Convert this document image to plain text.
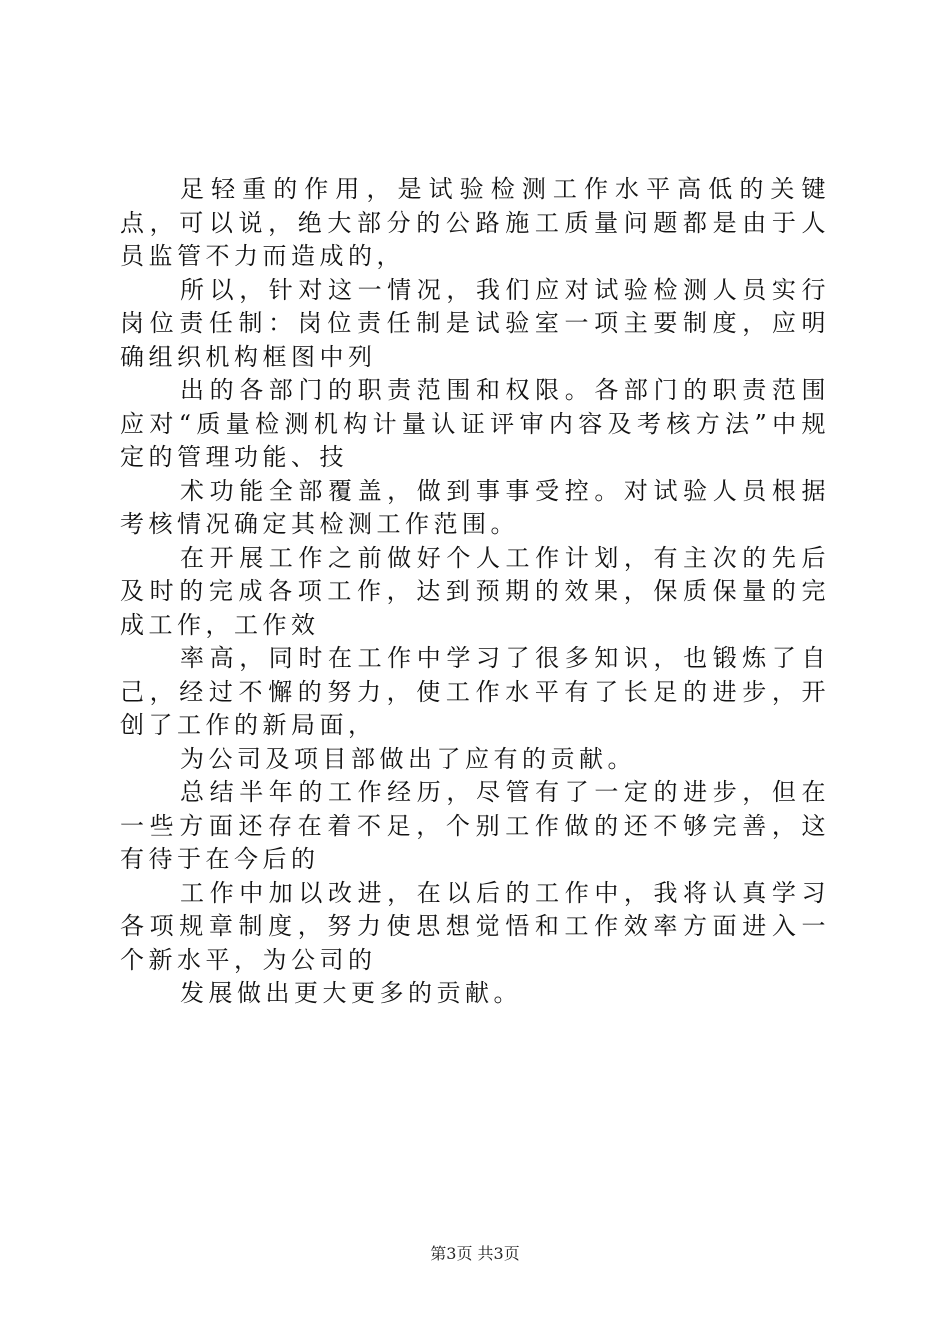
足轻重的作用，是试验检测工作水平高低的关键点，可以说，绝大部分的公路施工质量问题都是由于人员监管不力而造成的，

所以，针对这一情况，我们应对试验检测人员实行岗位责任制：岗位责任制是试验室一项主要制度，应明确组织机构框图中列

出的各部门的职责范围和权限。各部门的职责范围应对“质量检测机构计量认证评审内容及考核方法”中规定的管理功能、技

术功能全部覆盖，做到事事受控。对试验人员根据考核情况确定其检测工作范围。

在开展工作之前做好个人工作计划，有主次的先后及时的完成各项工作，达到预期的效果，保质保量的完成工作，工作效

率高，同时在工作中学习了很多知识，也锻炼了自己，经过不懈的努力，使工作水平有了长足的进步，开创了工作的新局面，

为公司及项目部做出了应有的贡献。

总结半年的工作经历，尽管有了一定的进步，但在一些方面还存在着不足，个别工作做的还不够完善，这有待于在今后的

工作中加以改进，在以后的工作中，我将认真学习各项规章制度，努力使思想觉悟和工作效率方面进入一个新水平，为公司的

发展做出更大更多的贡献。

第3页 共3页
